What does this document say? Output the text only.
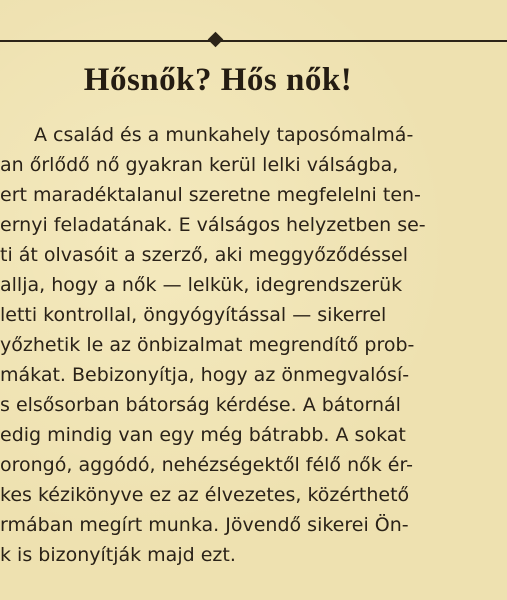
Hősnők? Hős nők!
A család és a munkahely taposómalmá-
an őrlődő nő gyakran kerül lelki válságba,
ert maradéktalanul szeretne megfelelni ten-
ernyi feladatának. E válságos helyzetben se-
ti át olvasóit a szerző, aki meggyőződéssel
allja, hogy a nők — lelkük, idegrendszerük
letti kontrollal, öngyógyítással — sikerrel
yőzhetik le az önbizalmat megrendítő prob-
mákat. Bebizonyítja, hogy az önmegvalósí-
s elsősorban bátorság kérdése. A bátornál
edig mindig van egy még bátrabb. A sokat
orongó, aggódó, nehézségektől félő nők ér-
kes kézikönyve ez az élvezetes, közérthető
rmában megírt munka. Jövendő sikerei Ön-
k is bizonyítják majd ezt.
